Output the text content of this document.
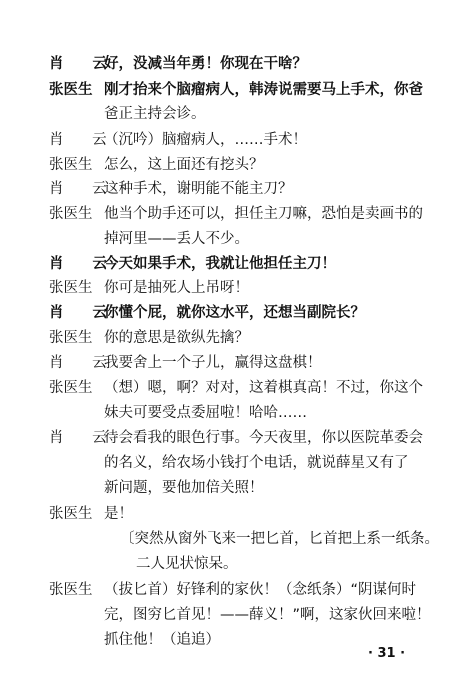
肖 云
好，没减当年勇！你现在干啥？
张医生 刚才抬来个脑瘤病人，韩涛说需要马上手术，你爸
爸正主持会诊。
肖 云
（沉吟）脑瘤病人，……手术！
张医生 怎么，这上面还有挖头？
肖 云
这种手术，谢明能不能主刀？
张医生 他当个助手还可以，担任主刀嘛，恐怕是卖画书的
掉河里——丢人不少。
肖 云
今天如果手术，我就让他担任主刀！
张医生 你可是抽死人上吊呀！
肖 云
你懂个屁，就你这水平，还想当副院长？
张医生 你的意思是欲纵先擒？
肖 云
我要舍上一个子儿，赢得这盘棋！
张医生 （想）嗯，啊？对对，这着棋真高！不过，你这个
妹夫可要受点委屈啦！哈哈……
肖 云
待会看我的眼色行事。今天夜里，你以医院革委会
的名义，给农场小钱打个电话，就说薛星又有了
新问题，要他加倍关照！
张医生 是！
〔突然从窗外飞来一把匕首，匕首把上系一纸条。
二人见状惊呆。
张医生 （拔匕首）好锋利的家伙！（念纸条）“阴谋何时
完，图穷匕首见！——薛义！”啊，这家伙回来啦！
抓住他！（追追）
· 31 ·
